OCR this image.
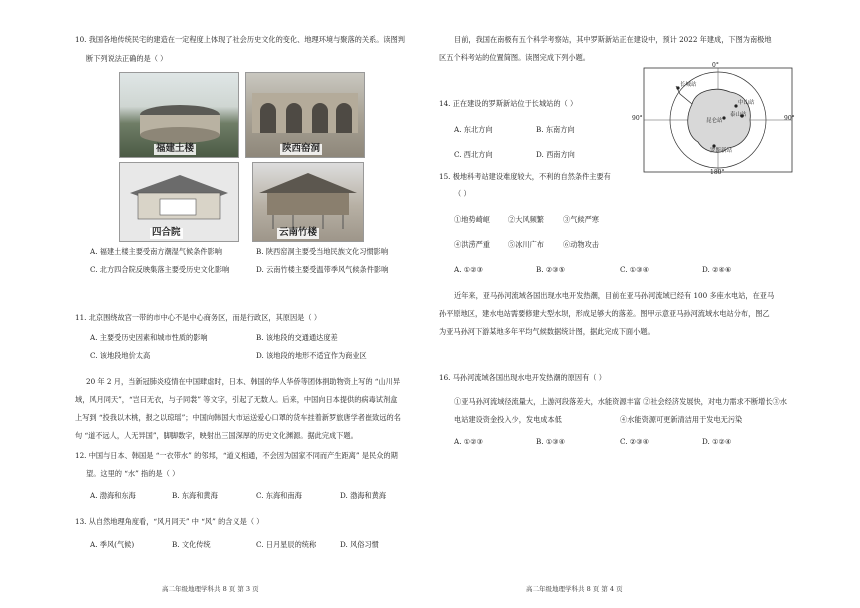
10. 我国各地传统民宅的建造在一定程度上体现了社会历史文化的变化、地理环境与聚落的关系。读图判
断下列说法正确的是（ ）
福建土楼	陕西窑洞
四合院	云南竹楼
A. 福建土楼主要受南方潮湿气候条件影响	B. 陕西窑洞主要受当地民族文化习惯影响
C. 北方四合院反映集落主要受历史文化影响	D. 云南竹楼主要受温带季风气候条件影响
11. 北京围绕故宫一带的市中心不是中心商务区，而是行政区，其原因是（ ）
A. 主要受历史因素和城市性质的影响	B. 该地段的交通通达度差
C. 该地段地价太高	D. 该地段的地形不适宜作为商业区
20 年 2 月，当新冠肺炎疫情在中国肆虐时，日本、韩国的华人华侨等团体捐助物资上写的 “山川异
域，风月同天”，“岂曰无衣，与子同裳” 等文字，引起了无数人。后来，中国向日本提供的病毒试剂盒
上写到 “投我以木桃，报之以琼瑶”；中国向韩国大市运送爱心口罩的货车挂着新罗旅唐学者崔致远的名
句 “道不远人，人无异国”，脚脚数字，映射出三国深厚的历史文化渊源。据此完成下题。
12. 中国与日本、韩国是 “一衣带水” 的邻邦，“道义相通，不会因为国家不同而产生距离” 是民众的期
望。这里的 “水” 指的是（ ）
A. 渤海和东海	B. 东海和黄海	C. 东海和南海	D. 渤海和黄海
13. 从自然地理角度看，“风月同天” 中 “风” 的含义是（ ）
A. 季风(气候)	B. 文化传统	C. 日月星辰的统称	D. 风俗习惯
高二年级地理学科共 8 页 第 3 页
目前，我国在南极有五个科学考察站，其中罗斯新站正在建设中，预计 2022 年建成，下图为南极地
区五个科考站的位置简图。读图完成下列小题。
0°
180°
90°	90°
长城站
中山站
泰山站
昆仑站
罗斯新站
14. 正在建设的罗斯新站位于长城站的（ ）
A. 东北方向	B. 东南方向
C. 西北方向	D. 西南方向
15. 极地科考站建设难度较大，不利的自然条件主要有
（ ）
①地势崎岖	②大风频繁	③气候严寒
④洪涝严重	⑤冰川广布	⑥动物攻击
A. ①②③	B. ②③⑤	C. ①③④	D. ②④⑥
近年来，亚马孙河流域各国出现水电开发热潮，目前在亚马孙河流域已经有 100 多座水电站，在亚马
孙平原地区，建水电站需要修建大型水坝，形成足够大的落差。图甲示意亚马孙河流域水电站分布，图乙
为亚马孙河下游某地多年平均气候数据统计图，据此完成下面小题。
16. 马孙河流域各国出现水电开发热潮的原因有（ ）
①亚马孙河流域径流量大，上游河段落差大，水能资源丰富 ②社会经济发展快，对电力需求不断增长③水
电站建设资金投入少，发电成本低	④水能资源可更新清洁用于发电无污染
A. ①②③	B. ①③④	C. ②③④	D. ①②④
高二年级地理学科共 8 页 第 4 页
